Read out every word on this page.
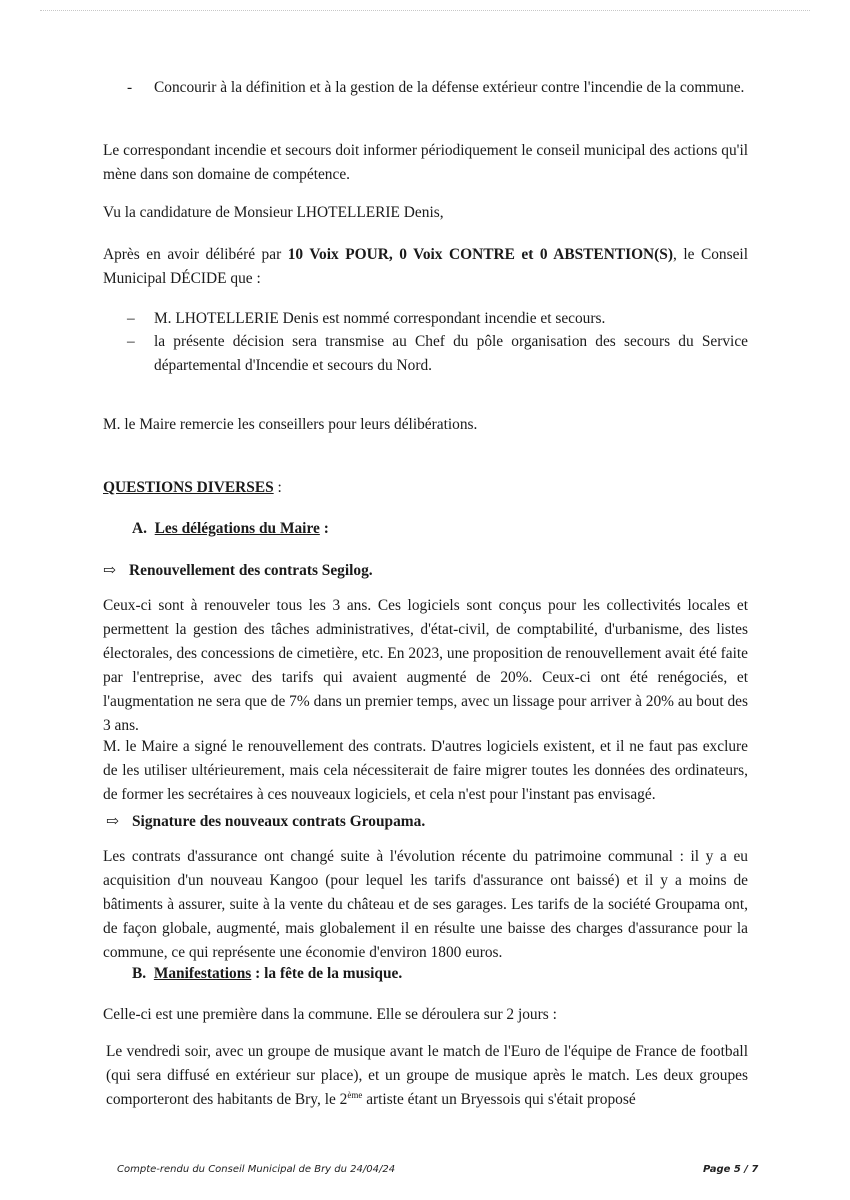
-	Concourir à la définition et à la gestion de la défense extérieur contre l'incendie de la commune.

Le correspondant incendie et secours doit informer périodiquement le conseil municipal des actions qu'il mène dans son domaine de compétence.

Vu la candidature de Monsieur LHOTELLERIE Denis,

Après en avoir délibéré par 10 Voix POUR, 0 Voix CONTRE et 0 ABSTENTION(S), le Conseil Municipal DÉCIDE que :

–	M. LHOTELLERIE Denis est nommé correspondant incendie et secours.
–	la présente décision sera transmise au Chef du pôle organisation des secours du Service départemental d'Incendie et secours du Nord.

M. le Maire remercie les conseillers pour leurs délibérations.

QUESTIONS DIVERSES :

A. Les délégations du Maire :

⇨ Renouvellement des contrats Segilog.

Ceux-ci sont à renouveler tous les 3 ans. Ces logiciels sont conçus pour les collectivités locales et permettent la gestion des tâches administratives, d'état-civil, de comptabilité, d'urbanisme, des listes électorales, des concessions de cimetière, etc. En 2023, une proposition de renouvellement avait été faite par l'entreprise, avec des tarifs qui avaient augmenté de 20%. Ceux-ci ont été renégociés, et l'augmentation ne sera que de 7% dans un premier temps, avec un lissage pour arriver à 20% au bout des 3 ans.

M. le Maire a signé le renouvellement des contrats. D'autres logiciels existent, et il ne faut pas exclure de les utiliser ultérieurement, mais cela nécessiterait de faire migrer toutes les données des ordinateurs, de former les secrétaires à ces nouveaux logiciels, et cela n'est pour l'instant pas envisagé.

⇨ Signature des nouveaux contrats Groupama.

Les contrats d'assurance ont changé suite à l'évolution récente du patrimoine communal : il y a eu acquisition d'un nouveau Kangoo (pour lequel les tarifs d'assurance ont baissé) et il y a moins de bâtiments à assurer, suite à la vente du château et de ses garages. Les tarifs de la société Groupama ont, de façon globale, augmenté, mais globalement il en résulte une baisse des charges d'assurance pour la commune, ce qui représente une économie d'environ 1800 euros.

B. Manifestations : la fête de la musique.

Celle-ci est une première dans la commune. Elle se déroulera sur 2 jours :

Le vendredi soir, avec un groupe de musique avant le match de l'Euro de l'équipe de France de football (qui sera diffusé en extérieur sur place), et un groupe de musique après le match. Les deux groupes comporteront des habitants de Bry, le 2ème artiste étant un Bryessois qui s'était proposé

Compte-rendu du Conseil Municipal de Bry du 24/04/24	Page 5 / 7
